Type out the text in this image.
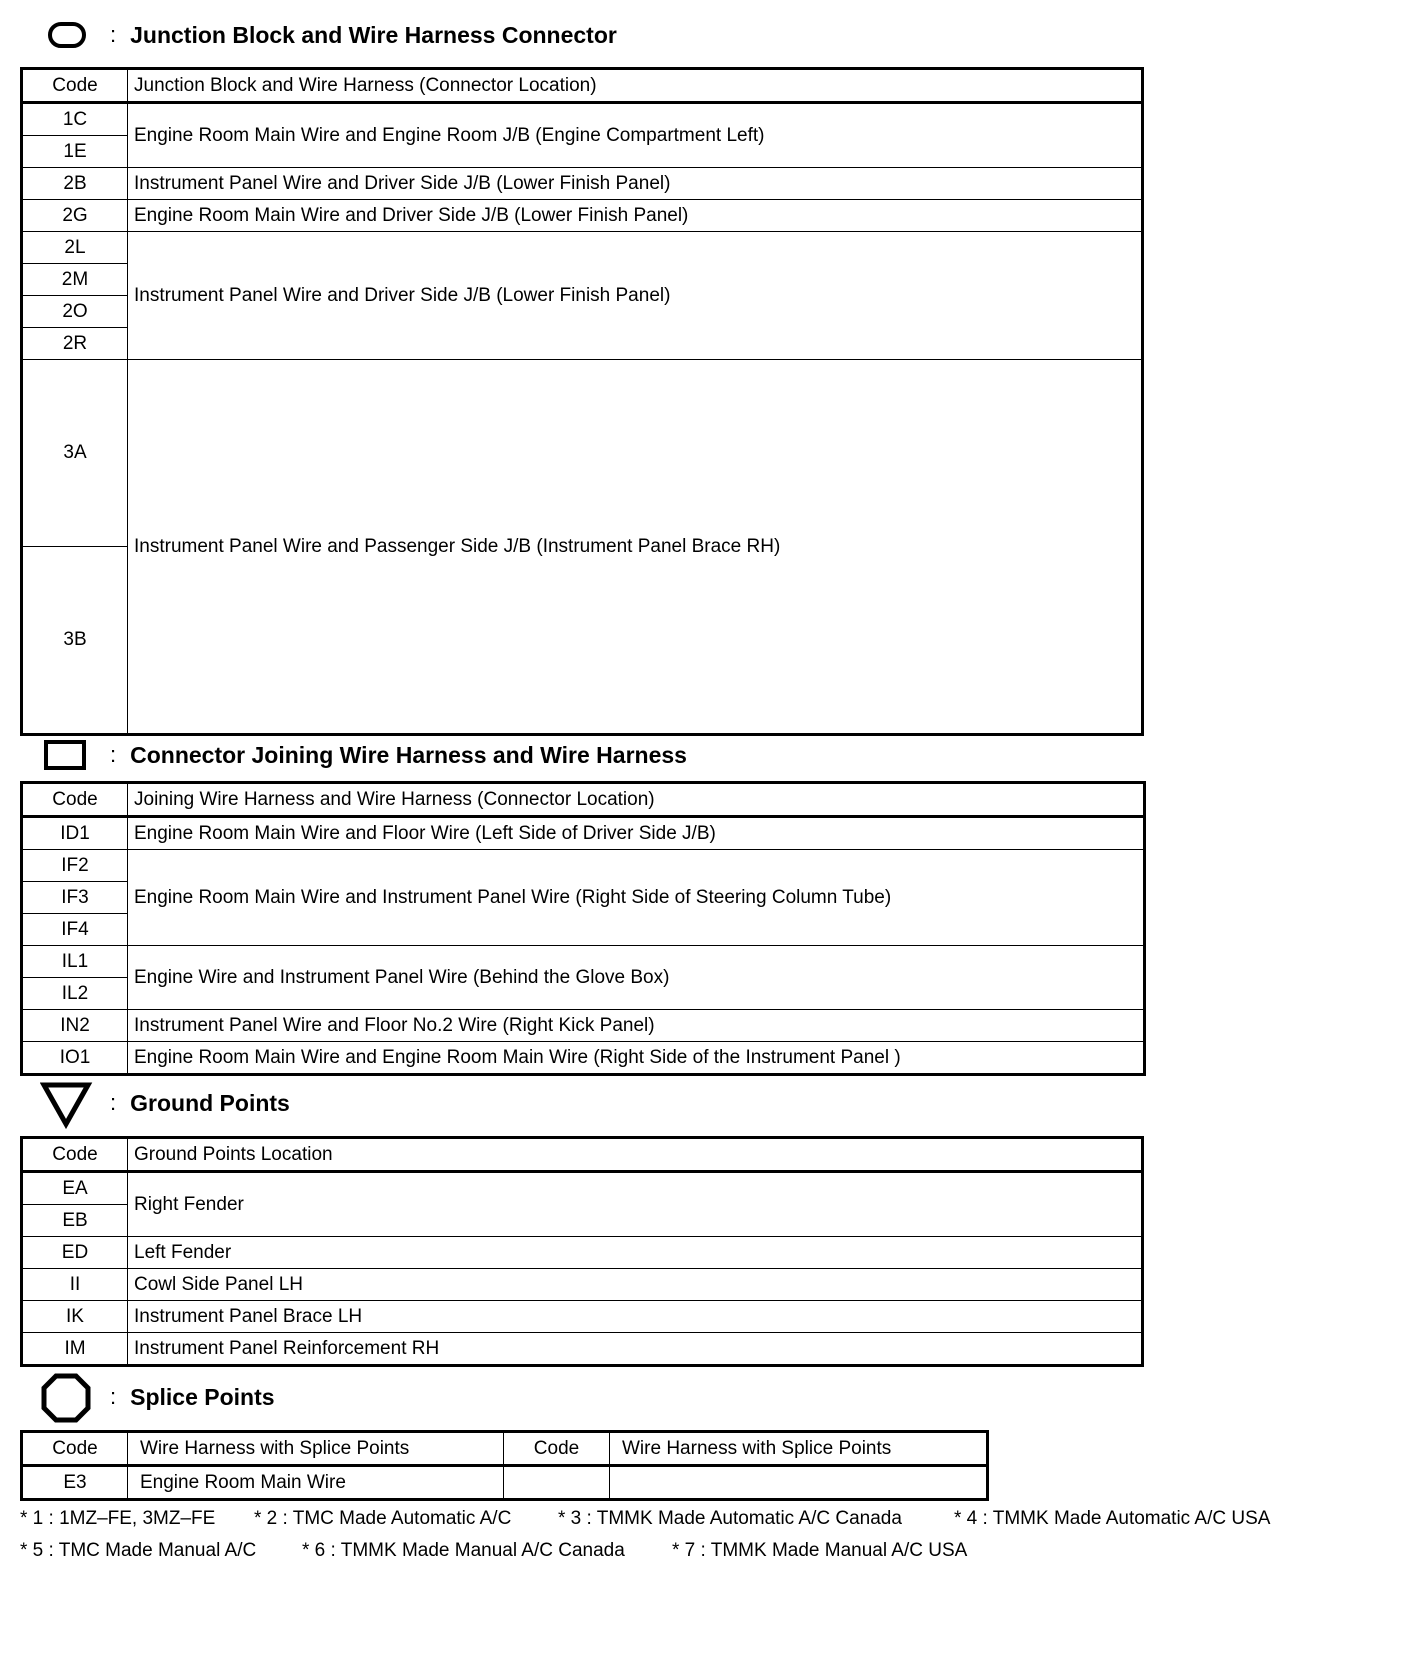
: Junction Block and Wire Harness Connector
Code	Junction Block and Wire Harness (Connector Location)
1C	Engine Room Main Wire and Engine Room J/B (Engine Compartment Left)
1E	
2B	Instrument Panel Wire and Driver Side J/B (Lower Finish Panel)
2G	Engine Room Main Wire and Driver Side J/B (Lower Finish Panel)
2L	Instrument Panel Wire and Driver Side J/B (Lower Finish Panel)
2M	
2O	
2R	
3A	Instrument Panel Wire and Passenger Side J/B (Instrument Panel Brace RH)
3B	
: Connector Joining Wire Harness and Wire Harness
Code	Joining Wire Harness and Wire Harness (Connector Location)
ID1	Engine Room Main Wire and Floor Wire (Left Side of Driver Side J/B)
IF2	Engine Room Main Wire and Instrument Panel Wire (Right Side of Steering Column Tube)
IF3	
IF4	
IL1	Engine Wire and Instrument Panel Wire (Behind the Glove Box)
IL2	
IN2	Instrument Panel Wire and Floor No.2 Wire (Right Kick Panel)
IO1	Engine Room Main Wire and Engine Room Main Wire (Right Side of the Instrument Panel )
: Ground Points
Code	Ground Points Location
EA	Right Fender
EB	
ED	Left Fender
II	Cowl Side Panel LH
IK	Instrument Panel Brace LH
IM	Instrument Panel Reinforcement RH
: Splice Points
Code	Wire Harness with Splice Points	Code	Wire Harness with Splice Points
E3	Engine Room Main Wire		
* 1 : 1MZ–FE, 3MZ–FE * 2 : TMC Made Automatic A/C * 3 : TMMK Made Automatic A/C Canada	* 4 : TMMK Made Automatic A/C USA
* 5 : TMC Made Manual A/C * 6 : TMMK Made Manual A/C Canada * 7 : TMMK Made Manual A/C USA
